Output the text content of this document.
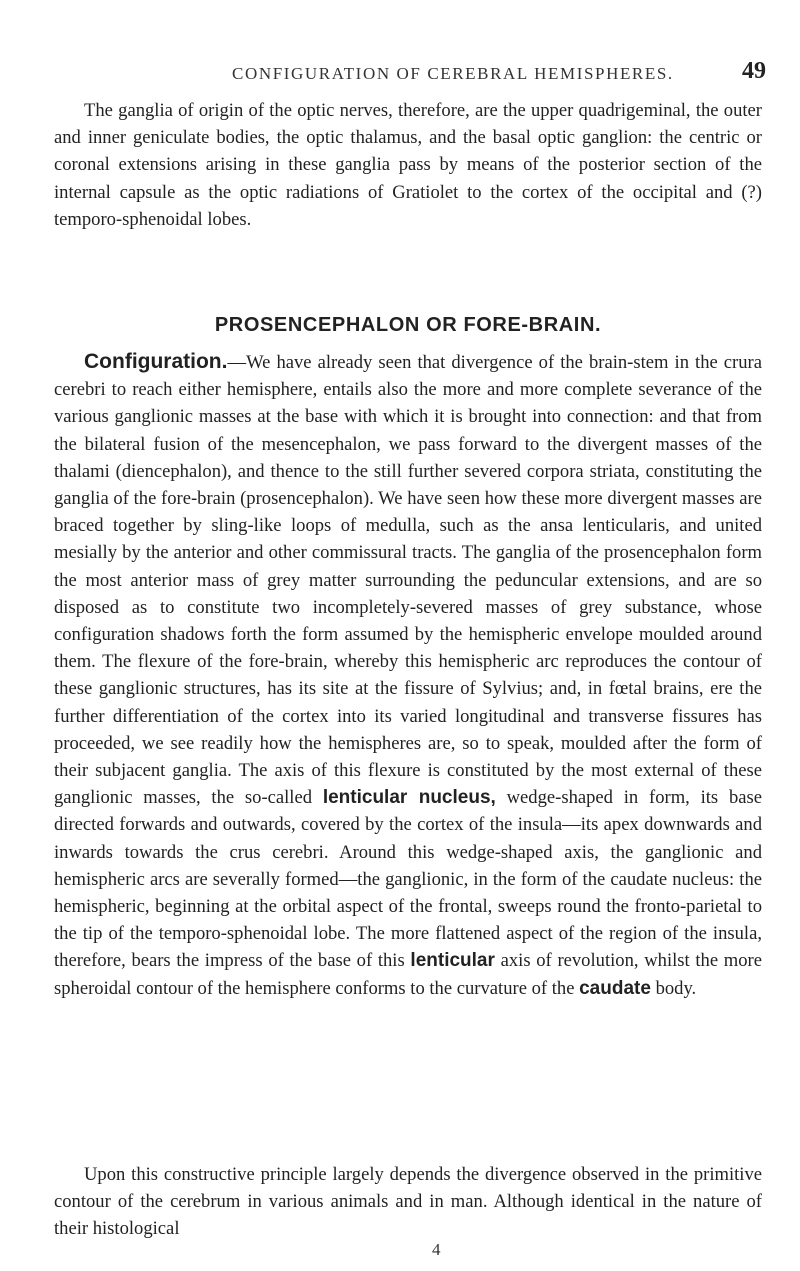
CONFIGURATION OF CEREBRAL HEMISPHERES.	49

The ganglia of origin of the optic nerves, therefore, are the upper quadrigeminal, the outer and inner geniculate bodies, the optic thalamus, and the basal optic ganglion: the centric or coronal extensions arising in these ganglia pass by means of the posterior section of the internal capsule as the optic radiations of Gratiolet to the cortex of the occipital and (?) temporo-sphenoidal lobes.

PROSENCEPHALON OR FORE-BRAIN.

Configuration.—We have already seen that divergence of the brain-stem in the crura cerebri to reach either hemisphere, entails also the more and more complete severance of the various ganglionic masses at the base with which it is brought into connection: and that from the bilateral fusion of the mesencephalon, we pass forward to the divergent masses of the thalami (diencephalon), and thence to the still further severed corpora striata, constituting the ganglia of the fore-brain (prosencephalon). We have seen how these more divergent masses are braced together by sling-like loops of medulla, such as the ansa lenticularis, and united mesially by the anterior and other commissural tracts. The ganglia of the prosencephalon form the most anterior mass of grey matter surrounding the peduncular extensions, and are so disposed as to constitute two incompletely-severed masses of grey substance, whose configuration shadows forth the form assumed by the hemispheric envelope moulded around them. The flexure of the fore-brain, whereby this hemispheric arc reproduces the contour of these ganglionic structures, has its site at the fissure of Sylvius; and, in fœtal brains, ere the further differentiation of the cortex into its varied longitudinal and transverse fissures has proceeded, we see readily how the hemispheres are, so to speak, moulded after the form of their subjacent ganglia. The axis of this flexure is constituted by the most external of these ganglionic masses, the so-called lenticular nucleus, wedge-shaped in form, its base directed forwards and outwards, covered by the cortex of the insula—its apex downwards and inwards towards the crus cerebri. Around this wedge-shaped axis, the ganglionic and hemispheric arcs are severally formed—the ganglionic, in the form of the caudate nucleus: the hemispheric, beginning at the orbital aspect of the frontal, sweeps round the fronto-parietal to the tip of the temporo-sphenoidal lobe. The more flattened aspect of the region of the insula, therefore, bears the impress of the base of this lenticular axis of revolution, whilst the more spheroidal contour of the hemisphere conforms to the curvature of the caudate body.

Upon this constructive principle largely depends the divergence observed in the primitive contour of the cerebrum in various animals and in man. Although identical in the nature of their histological

4
